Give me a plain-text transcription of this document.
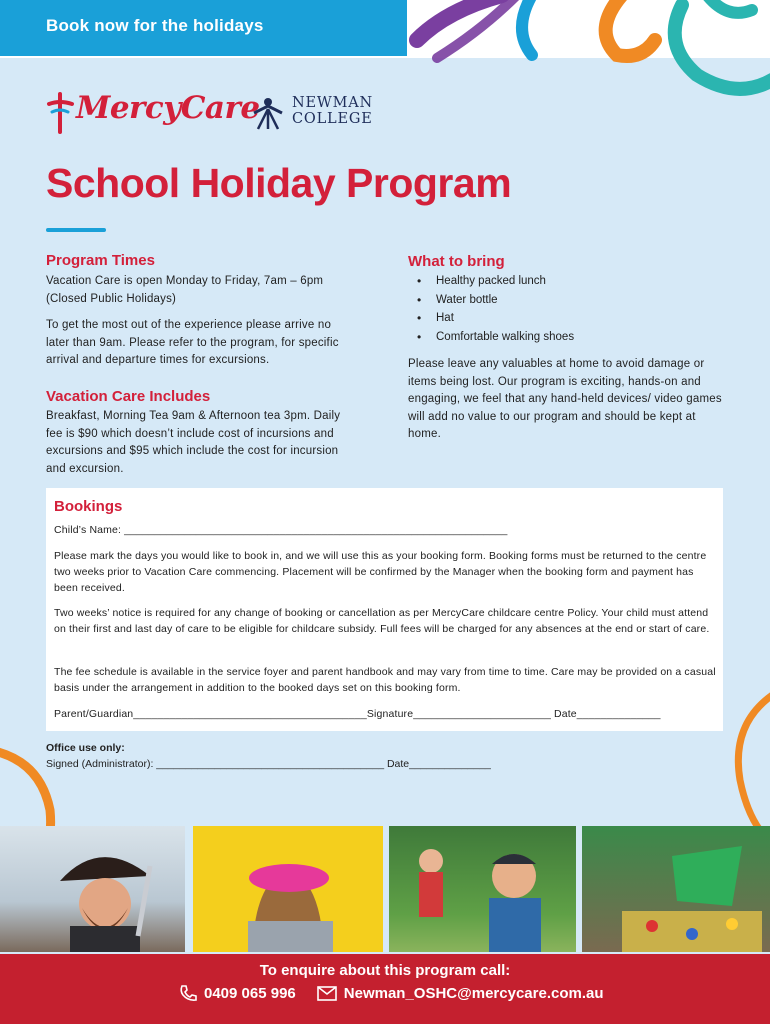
Book now for the holidays
MercyCare NEWMAN
COLLEGE
School Holiday Program
Program Times
Vacation Care is open Monday to Friday, 7am – 6pm
(Closed Public Holidays)
To get the most out of the experience please arrive no later than 9am. Please refer to the program, for specific arrival and departure times for excursions.
Vacation Care Includes
Breakfast, Morning Tea 9am & Afternoon tea 3pm. Daily fee is $90 which doesn’t include cost of incursions and excursions and $95 which include the cost for incursion and excursion.
What to bring
• Healthy packed lunch
• Water bottle
• Hat
• Comfortable walking shoes
Please leave any valuables at home to avoid damage or items being lost. Our program is exciting, hands-on and engaging, we feel that any hand-held devices/ video games will add no value to our program and should be kept at home.
Bookings
Child’s Name: ________________________________________________________________
Please mark the days you would like to book in, and we will use this as your booking form. Booking forms must be returned to the centre two weeks prior to Vacation Care commencing. Placement will be confirmed by the Manager when the booking form and payment has been received.
Two weeks’ notice is required for any change of booking or cancellation as per MercyCare childcare centre Policy. Your child must attend on their first and last day of care to be eligible for childcare subsidy. Full fees will be charged for any absences at the end or start of care.
The fee schedule is available in the service foyer and parent handbook and may vary from time to time. Care may be provided on a casual basis under the arrangement in addition to the booked days set on this booking form.
Parent/Guardian_______________________________________Signature_______________________ Date______________
Office use only:
Signed (Administrator): _______________________________________ Date______________
To enquire about this program call:
0409 065 996	Newman_OSHC@mercycare.com.au
